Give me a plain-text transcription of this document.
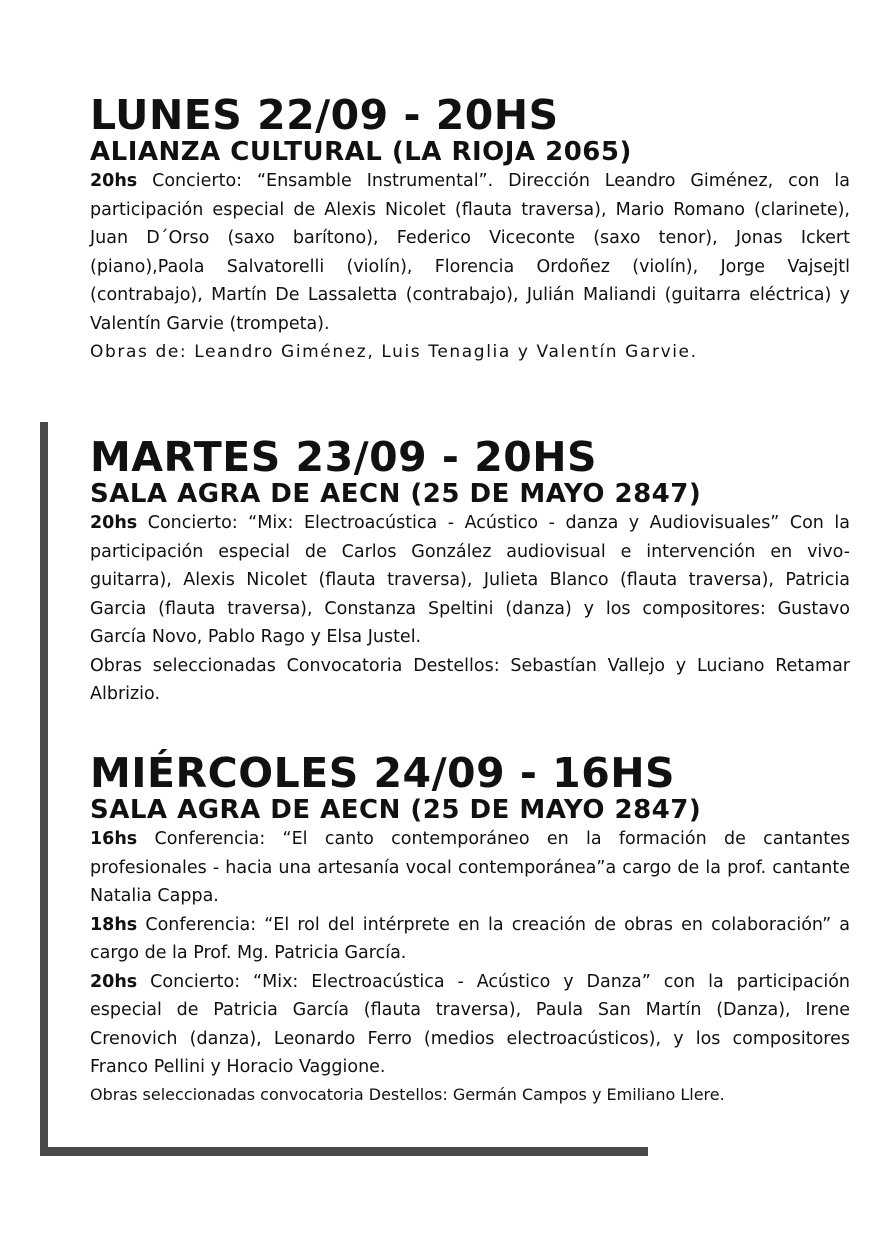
LUNES 22/09 - 20HS
ALIANZA CULTURAL (LA RIOJA 2065)

20hs Concierto: “Ensamble Instrumental”. Dirección Leandro Giménez, con la participación especial de Alexis Nicolet (flauta traversa), Mario Romano (clarinete), Juan D´Orso (saxo barítono), Federico Viceconte (saxo tenor), Jonas Ickert (piano),Paola Salvatorelli (violín), Florencia Ordoñez (violín), Jorge Vajsejtl (contrabajo), Martín De Lassaletta (contrabajo), Julián Maliandi (guitarra eléctrica) y Valentín Garvie (trompeta).

Obras de: Leandro Giménez, Luis Tenaglia y Valentín Garvie.

MARTES 23/09 - 20HS
SALA AGRA DE AECN (25 DE MAYO 2847)

20hs Concierto: “Mix: Electroacústica - Acústico - danza y Audiovisuales” Con la participación especial de Carlos González audiovisual e intervención en vivo- guitarra), Alexis Nicolet (flauta traversa), Julieta Blanco (flauta traversa), Patricia Garcia (flauta traversa), Constanza Speltini (danza) y los compositores: Gustavo García Novo, Pablo Rago y Elsa Justel.

Obras seleccionadas Convocatoria Destellos: Sebastían Vallejo y Luciano Retamar Albrizio.

MIÉRCOLES 24/09 - 16HS
SALA AGRA DE AECN (25 DE MAYO 2847)

16hs Conferencia: “El canto contemporáneo en la formación de cantantes profesionales - hacia una artesanía vocal contemporánea”a cargo de la prof. cantante Natalia Cappa.

18hs Conferencia: “El rol del intérprete en la creación de obras en colaboración” a cargo de la Prof. Mg. Patricia García.

20hs Concierto: “Mix: Electroacústica - Acústico y Danza” con la participación especial de Patricia García (flauta traversa), Paula San Martín (Danza), Irene Crenovich (danza), Leonardo Ferro (medios electroacústicos), y los compositores Franco Pellini y Horacio Vaggione.

Obras seleccionadas convocatoria Destellos: Germán Campos y Emiliano Llere.
